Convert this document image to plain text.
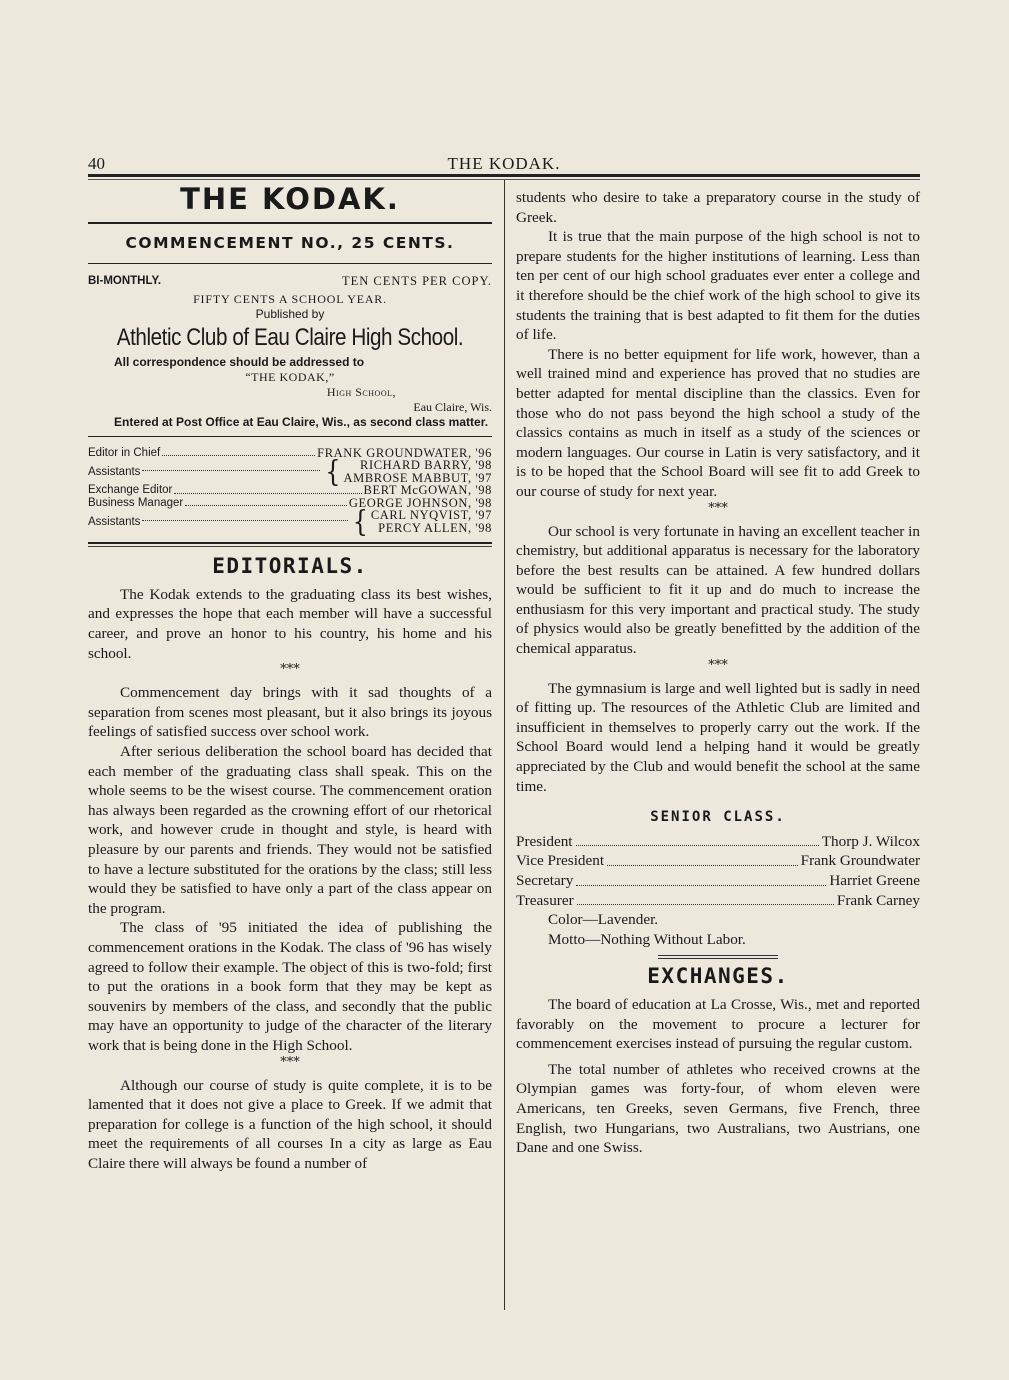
40	THE KODAK.
THE KODAK.
COMMENCEMENT NO., 25 CENTS.
BI-MONTHLY.	TEN CENTS PER COPY.
FIFTY CENTS A SCHOOL YEAR.
Published by
Athletic Club of Eau Claire High School.
All correspondence should be addressed to
“THE KODAK,”
High School,
Eau Claire, Wis.
Entered at Post Office at Eau Claire, Wis., as second class matter.
Editor in Chief	FRANK GROUNDWATER, '96
Assistants	{	RICHARD BARRY, '98
AMBROSE MABBUT, '97
Exchange Editor	BERT McGOWAN, '98
Business Manager	GEORGE JOHNSON, '98
Assistants	{ CARL NYQVIST, '97
PERCY ALLEN, '98
EDITORIALS.

The Kodak extends to the graduating class its best wishes, and expresses the hope that each member will have a successful career, and prove an honor to his country, his home and his school.

***

Commencement day brings with it sad thoughts of a separation from scenes most pleasant, but it also brings its joyous feelings of satisfied success over school work.

After serious deliberation the school board has decided that each member of the graduating class shall speak. This on the whole seems to be the wisest course. The commencement oration has always been regarded as the crowning effort of our rhetorical work, and however crude in thought and style, is heard with pleasure by our parents and friends. They would not be satisfied to have a lecture substituted for the orations by the class; still less would they be satisfied to have only a part of the class appear on the program.

The class of '95 initiated the idea of publishing the commencement orations in the Kodak. The class of '96 has wisely agreed to follow their example. The object of this is two-fold; first to put the orations in a book form that they may be kept as souvenirs by members of the class, and secondly that the public may have an opportunity to judge of the character of the literary work that is being done in the High School.

***

Although our course of study is quite complete, it is to be lamented that it does not give a place to Greek. If we admit that preparation for college is a function of the high school, it should meet the requirements of all courses In a city as large as Eau Claire there will always be found a number of

students who desire to take a preparatory course in the study of Greek.

It is true that the main purpose of the high school is not to prepare students for the higher institutions of learning. Less than ten per cent of our high school graduates ever enter a college and it therefore should be the chief work of the high school to give its students the training that is best adapted to fit them for the duties of life.

There is no better equipment for life work, however, than a well trained mind and experience has proved that no studies are better adapted for mental discipline than the classics. Even for those who do not pass beyond the high school a study of the classics contains as much in itself as a study of the sciences or modern languages. Our course in Latin is very satisfactory, and it is to be hoped that the School Board will see fit to add Greek to our course of study for next year.

***

Our school is very fortunate in having an excellent teacher in chemistry, but additional apparatus is necessary for the laboratory before the best results can be attained. A few hundred dollars would be sufficient to fit it up and do much to increase the enthusiasm for this very important and practical study. The study of physics would also be greatly benefitted by the addition of the chemical apparatus.

***

The gymnasium is large and well lighted but is sadly in need of fitting up. The resources of the Athletic Club are limited and insufficient in themselves to properly carry out the work. If the School Board would lend a helping hand it would be greatly appreciated by the Club and would benefit the school at the same time.

SENIOR CLASS.
President	Thorp J. Wilcox
Vice President	Frank Groundwater
Secretary	Harriet Greene
Treasurer	Frank Carney
Color—Lavender.
Motto—Nothing Without Labor.
EXCHANGES.

The board of education at La Crosse, Wis., met and reported favorably on the movement to procure a lecturer for commencement exercises instead of pursuing the regular custom.

The total number of athletes who received crowns at the Olympian games was forty-four, of whom eleven were Americans, ten Greeks, seven Germans, five French, three English, two Hungarians, two Australians, two Austrians, one Dane and one Swiss.
